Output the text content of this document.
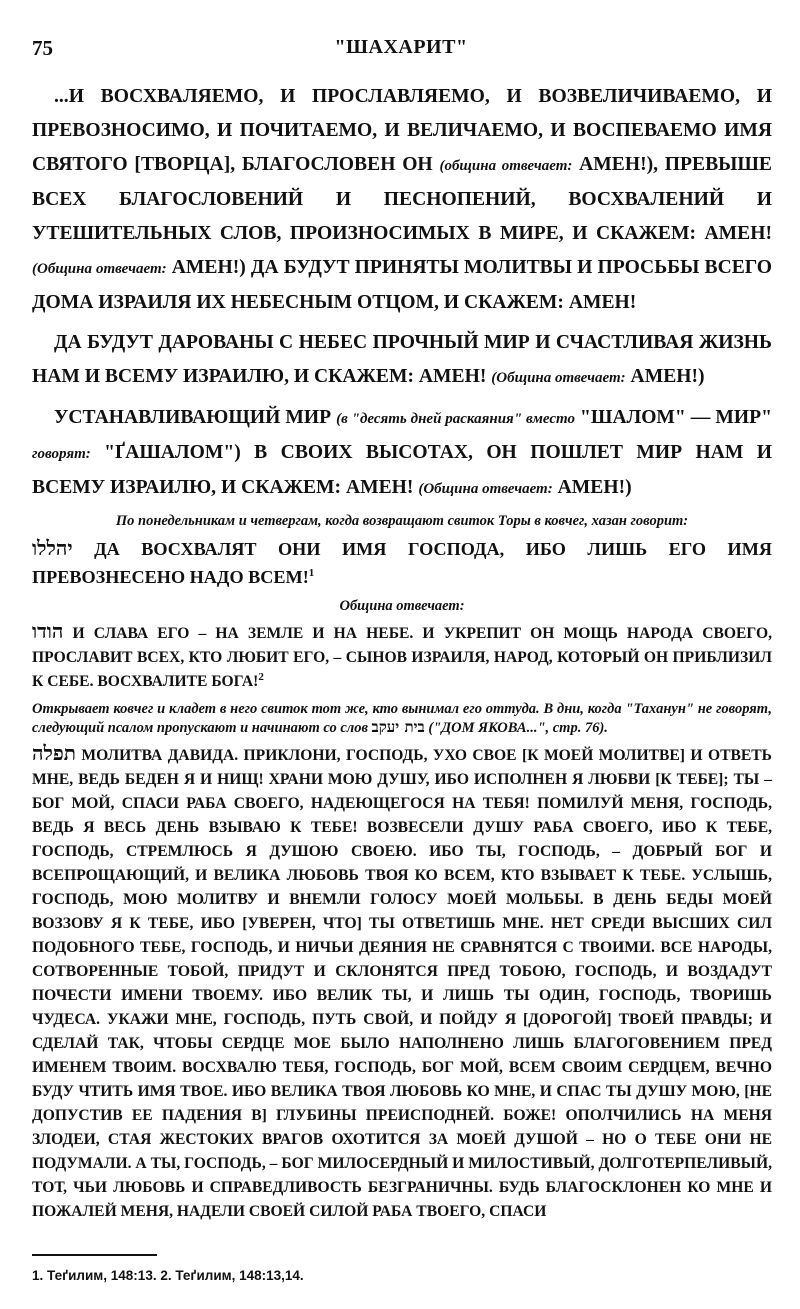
75	"ШАХАРИТ"

...И ВОСХВАЛЯЕМО, И ПРОСЛАВЛЯЕМО, И ВОЗВЕЛИЧИВАЕМО, И ПРЕВОЗНОСИМО, И ПОЧИТАЕМО, И ВЕЛИЧАЕМО, И ВОСПЕВАЕМО ИМЯ СВЯТОГО [ТВОРЦА], БЛАГОСЛОВЕН ОН (община отвечает: АМЕН!), ПРЕВЫШЕ ВСЕХ БЛАГОСЛОВЕНИЙ И ПЕСНОПЕНИЙ, ВОСХВАЛЕНИЙ И УТЕШИТЕЛЬНЫХ СЛОВ, ПРОИЗНОСИМЫХ В МИРЕ, И СКАЖЕМ: АМЕН! (Община отвечает: АМЕН!) ДА БУДУТ ПРИНЯТЫ МОЛИТВЫ И ПРОСЬБЫ ВСЕГО ДОМА ИЗРАИЛЯ ИХ НЕБЕСНЫМ ОТЦОМ, И СКАЖЕМ: АМЕН!

ДА БУДУТ ДАРОВАНЫ С НЕБЕС ПРОЧНЫЙ МИР И СЧАСТЛИВАЯ ЖИЗНЬ НАМ И ВСЕМУ ИЗРАИЛЮ, И СКАЖЕМ: АМЕН! (Община отвечает: АМЕН!)

УСТАНАВЛИВАЮЩИЙ МИР (в "десять дней раскаяния" вместо "ШАЛОМ" — МИР" говорят: "ҐАШАЛОМ") В СВОИХ ВЫСОТАХ, ОН ПОШЛЕТ МИР НАМ И ВСЕМУ ИЗРАИЛЮ, И СКАЖЕМ: АМЕН! (Община отвечает: АМЕН!)

По понедельникам и четвергам, когда возвращают свиток Торы в ковчег, хазан говорит:

יהללו ДА ВОСХВАЛЯТ ОНИ ИМЯ ГОСПОДА, ИБО ЛИШЬ ЕГО ИМЯ ПРЕВОЗНЕСЕНО НАДО ВСЕМ!$^1$

Община отвечает:

הודו И СЛАВА ЕГО – НА ЗЕМЛЕ И НА НЕБЕ. И УКРЕПИТ ОН МОЩЬ НАРОДА СВОЕГО, ПРОСЛАВИТ ВСЕХ, КТО ЛЮБИТ ЕГО, – СЫНОВ ИЗРАИЛЯ, НАРОД, КОТОРЫЙ ОН ПРИБЛИЗИЛ К СЕБЕ. ВОСХВАЛИТЕ БОГА!$^2$

Открывает ковчег и кладет в него свиток тот же, кто вынимал его оттуда. В дни, когда "Таханун" не говорят, следующий псалом пропускают и начинают со слов בית יעקב ("ДОМ ЯКОВА...", стр. 76).

תפלה МОЛИТВА ДАВИДА. ПРИКЛОНИ, ГОСПОДЬ, УХО СВОЕ [К МОЕЙ МОЛИТВЕ] И ОТВЕТЬ МНЕ, ВЕДЬ БЕДЕН Я И НИЩ! ХРАНИ МОЮ ДУШУ, ИБО ИСПОЛНЕН Я ЛЮБВИ [К ТЕБЕ]; ТЫ – БОГ МОЙ, СПАСИ РАБА СВОЕГО, НАДЕЮЩЕГОСЯ НА ТЕБЯ! ПОМИЛУЙ МЕНЯ, ГОСПОДЬ, ВЕДЬ Я ВЕСЬ ДЕНЬ ВЗЫВАЮ К ТЕБЕ! ВОЗВЕСЕЛИ ДУШУ РАБА СВОЕГО, ИБО К ТЕБЕ, ГОСПОДЬ, СТРЕМЛЮСЬ Я ДУШОЮ СВОЕЮ. ИБО ТЫ, ГОСПОДЬ, – ДОБРЫЙ БОГ И ВСЕПРОЩАЮЩИЙ, И ВЕЛИКА ЛЮБОВЬ ТВОЯ КО ВСЕМ, КТО ВЗЫВАЕТ К ТЕБЕ. УСЛЫШЬ, ГОСПОДЬ, МОЮ МОЛИТВУ И ВНЕМЛИ ГОЛОСУ МОЕЙ МОЛЬБЫ. В ДЕНЬ БЕДЫ МОЕЙ ВОЗЗОВУ Я К ТЕБЕ, ИБО [УВЕРЕН, ЧТО] ТЫ ОТВЕТИШЬ МНЕ. НЕТ СРЕДИ ВЫСШИХ СИЛ ПОДОБНОГО ТЕБЕ, ГОСПОДЬ, И НИЧЬИ ДЕЯНИЯ НЕ СРАВНЯТСЯ С ТВОИМИ. ВСЕ НАРОДЫ, СОТВОРЕННЫЕ ТОБОЙ, ПРИДУТ И СКЛОНЯТСЯ ПРЕД ТОБОЮ, ГОСПОДЬ, И ВОЗДАДУТ ПОЧЕСТИ ИМЕНИ ТВОЕМУ. ИБО ВЕЛИК ТЫ, И ЛИШЬ ТЫ ОДИН, ГОСПОДЬ, ТВОРИШЬ ЧУДЕСА. УКАЖИ МНЕ, ГОСПОДЬ, ПУТЬ СВОЙ, И ПОЙДУ Я [ДОРОГОЙ] ТВОЕЙ ПРАВДЫ; И СДЕЛАЙ ТАК, ЧТОБЫ СЕРДЦЕ МОЕ БЫЛО НАПОЛНЕНО ЛИШЬ БЛАГОГОВЕНИЕМ ПРЕД ИМЕНЕМ ТВОИМ. ВОСХВАЛЮ ТЕБЯ, ГОСПОДЬ, БОГ МОЙ, ВСЕМ СВОИМ СЕРДЦЕМ, ВЕЧНО БУДУ ЧТИТЬ ИМЯ ТВОЕ. ИБО ВЕЛИКА ТВОЯ ЛЮБОВЬ КО МНЕ, И СПАС ТЫ ДУШУ МОЮ, [НЕ ДОПУСТИВ ЕЕ ПАДЕНИЯ В] ГЛУБИНЫ ПРЕИСПОДНЕЙ. БОЖЕ! ОПОЛЧИЛИСЬ НА МЕНЯ ЗЛОДЕИ, СТАЯ ЖЕСТОКИХ ВРАГОВ ОХОТИТСЯ ЗА МОЕЙ ДУШОЙ – НО О ТЕБЕ ОНИ НЕ ПОДУМАЛИ. А ТЫ, ГОСПОДЬ, – БОГ МИЛОСЕРДНЫЙ И МИЛОСТИВЫЙ, ДОЛГОТЕРПЕЛИВЫЙ, ТОТ, ЧЬИ ЛЮБОВЬ И СПРАВЕДЛИВОСТЬ БЕЗГРАНИЧНЫ. БУДЬ БЛАГОСКЛОНЕН КО МНЕ И ПОЖАЛЕЙ МЕНЯ, НАДЕЛИ СВОЕЙ СИЛОЙ РАБА ТВОЕГО, СПАСИ

1. Теґилим, 148:13. 2. Теґилим, 148:13,14.
